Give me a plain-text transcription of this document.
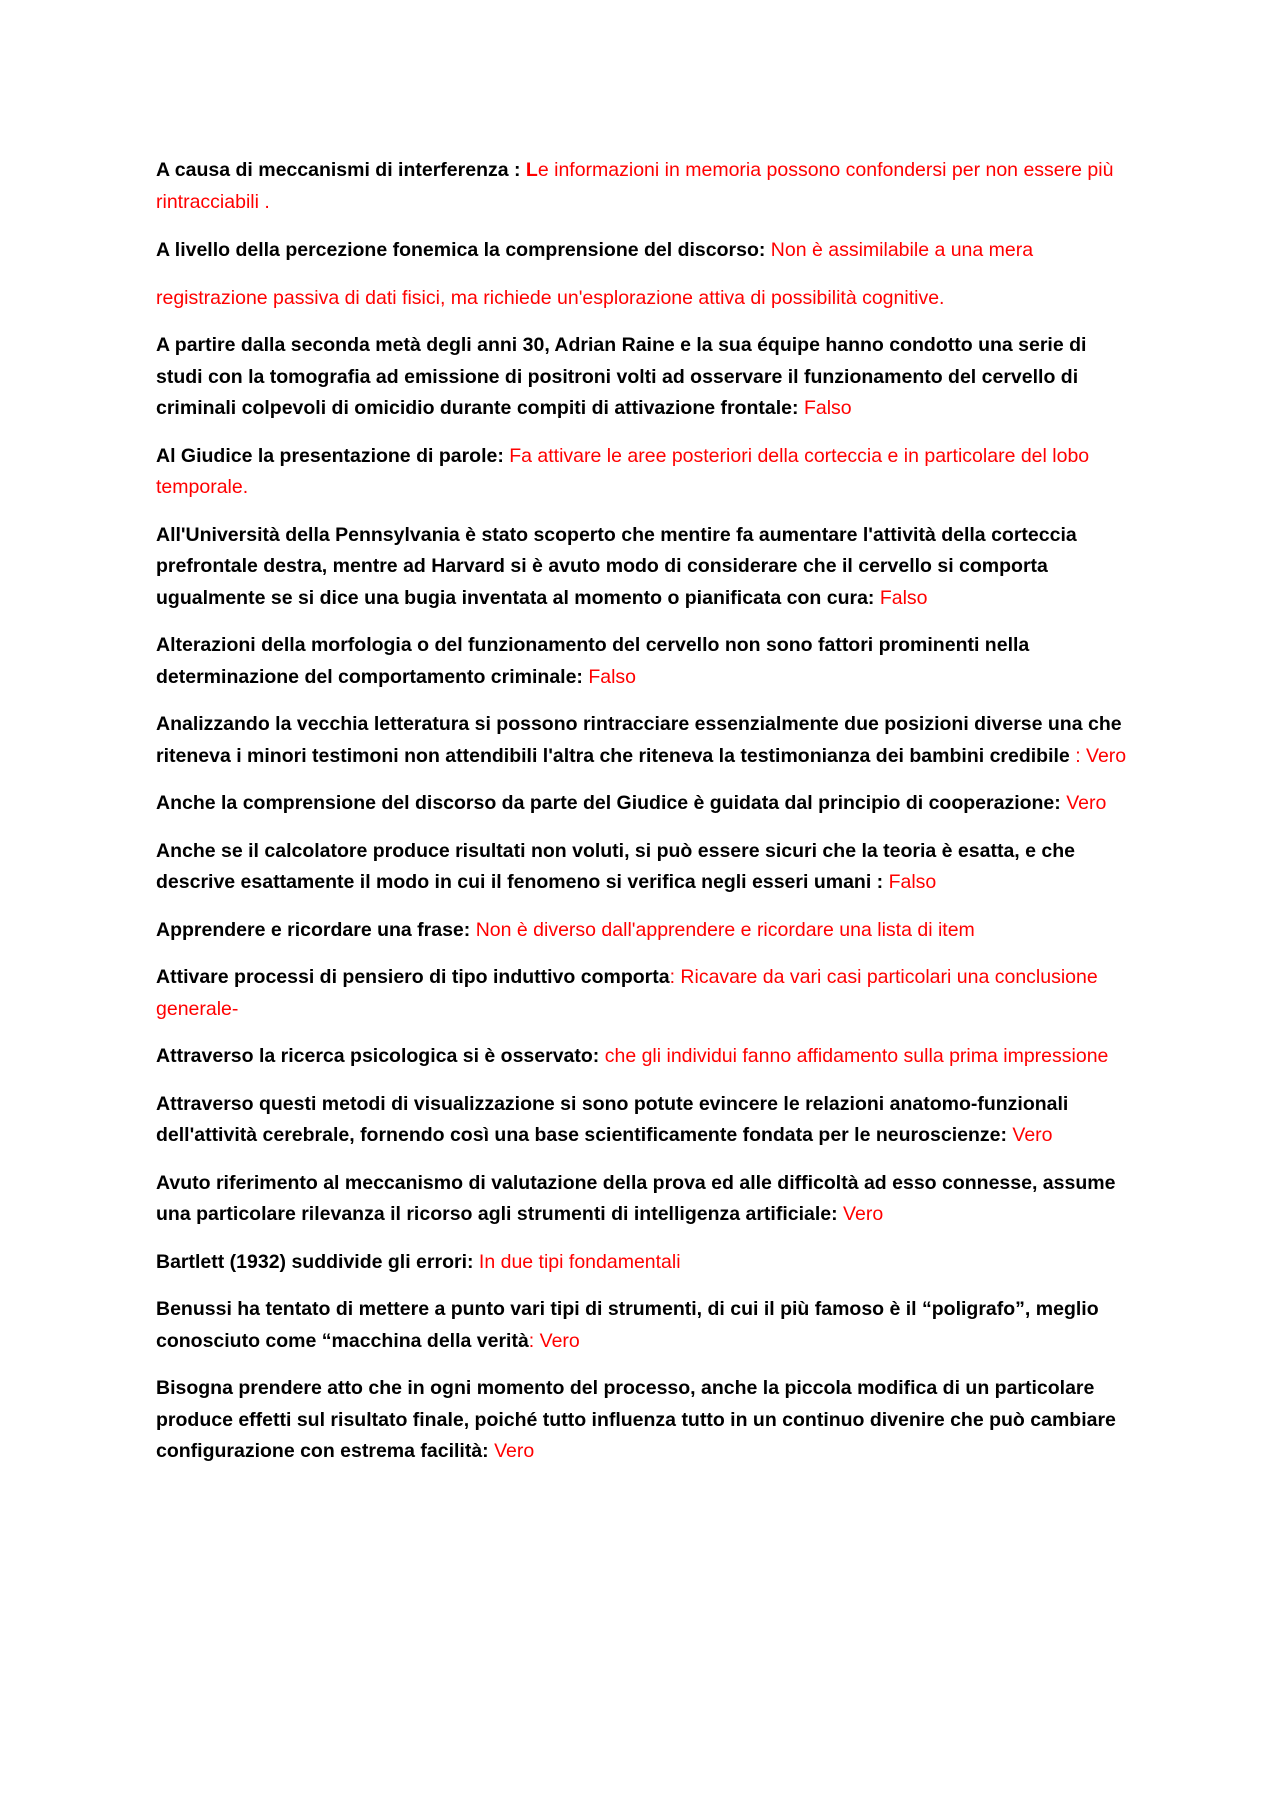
A causa di meccanismi di interferenza : Le informazioni in memoria possono confondersi per non essere più rintracciabili .

A livello della percezione fonemica la comprensione del discorso: Non è assimilabile a una mera registrazione passiva di dati fisici, ma richiede un'esplorazione attiva di possibilità cognitive.

A partire dalla seconda metà degli anni 30, Adrian Raine e la sua équipe hanno condotto una serie di studi con la tomografia ad emissione di positroni volti ad osservare il funzionamento del cervello di criminali colpevoli di omicidio durante compiti di attivazione frontale: Falso

Al Giudice la presentazione di parole: Fa attivare le aree posteriori della corteccia e in particolare del lobo temporale.

All'Università della Pennsylvania è stato scoperto che mentire fa aumentare l'attività della corteccia prefrontale destra, mentre ad Harvard si è avuto modo di considerare che il cervello si comporta ugualmente se si dice una bugia inventata al momento o pianificata con cura: Falso

Alterazioni della morfologia o del funzionamento del cervello non sono fattori prominenti nella determinazione del comportamento criminale: Falso

Analizzando la vecchia letteratura si possono rintracciare essenzialmente due posizioni diverse una che riteneva i minori testimoni non attendibili l'altra che riteneva la testimonianza dei bambini credibile : Vero

Anche la comprensione del discorso da parte del Giudice è guidata dal principio di cooperazione: Vero

Anche se il calcolatore produce risultati non voluti, si può essere sicuri che la teoria è esatta, e che descrive esattamente il modo in cui il fenomeno si verifica negli esseri umani : Falso

Apprendere e ricordare una frase: Non è diverso dall'apprendere e ricordare una lista di item

Attivare processi di pensiero di tipo induttivo comporta: Ricavare da vari casi particolari una conclusione generale-

Attraverso la ricerca psicologica si è osservato: che gli individui fanno affidamento sulla prima impressione

Attraverso questi metodi di visualizzazione si sono potute evincere le relazioni anatomo-funzionali dell'attività cerebrale, fornendo così una base scientificamente fondata per le neuroscienze: Vero

Avuto riferimento al meccanismo di valutazione della prova ed alle difficoltà ad esso connesse, assume una particolare rilevanza il ricorso agli strumenti di intelligenza artificiale: Vero

Bartlett (1932) suddivide gli errori: In due tipi fondamentali

Benussi ha tentato di mettere a punto vari tipi di strumenti, di cui il più famoso è il “poligrafo”, meglio conosciuto come “macchina della verità: Vero

Bisogna prendere atto che in ogni momento del processo, anche la piccola modifica di un particolare produce effetti sul risultato finale, poiché tutto influenza tutto in un continuo divenire che può cambiare configurazione con estrema facilità: Vero
